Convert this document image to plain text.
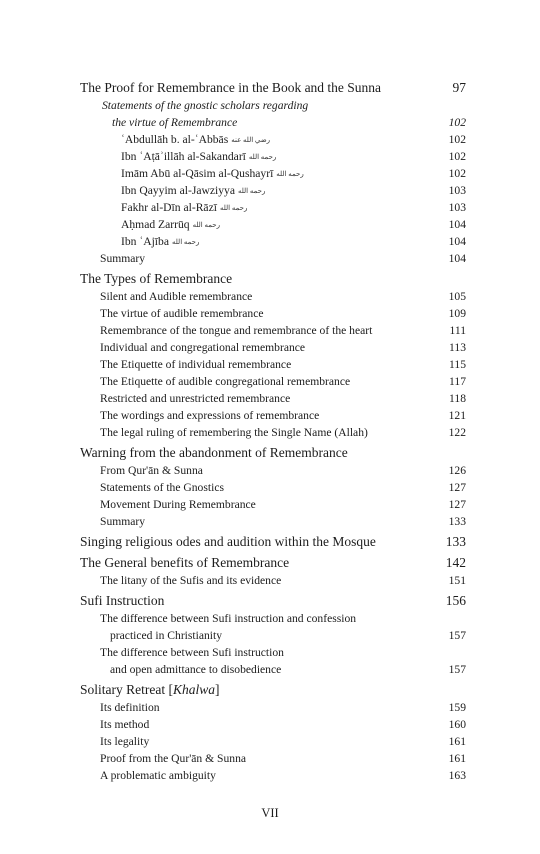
The Proof for Remembrance in the Book and the Sunna	97
Statements of the gnostic scholars regarding
the virtue of Remembrance	102
ʿAbdullāh b. al-ʿAbbās رضي الله عنه	102
Ibn ʿAṭāʾillāh al-Sakandarī رحمه الله	102
Imām Abū al-Qāsim al-Qushayrī رحمه الله	102
Ibn Qayyim al-Jawziyya رحمه الله	103
Fakhr al-Dīn al-Rāzī رحمه الله	103
Aḥmad Zarrūq رحمه الله	104
Ibn ʿAjība رحمه الله	104
Summary	104
The Types of Remembrance
Silent and Audible remembrance	105
The virtue of audible remembrance	109
Remembrance of the tongue and remembrance of the heart	111
Individual and congregational remembrance	113
The Etiquette of individual remembrance	115
The Etiquette of audible congregational remembrance	117
Restricted and unrestricted remembrance	118
The wordings and expressions of remembrance	121
The legal ruling of remembering the Single Name (Allah)	122
Warning from the abandonment of Remembrance
From Qur'ān & Sunna	126
Statements of the Gnostics	127
Movement During Remembrance	127
Summary	133
Singing religious odes and audition within the Mosque	133
The General benefits of Remembrance	142
The litany of the Sufis and its evidence	151
Sufi Instruction	156
The difference between Sufi instruction and confession
practiced in Christianity	157
The difference between Sufi instruction
and open admittance to disobedience	157
Solitary Retreat [Khalwa]
Its definition	159
Its method	160
Its legality	161
Proof from the Qur'ān & Sunna	161
A problematic ambiguity	163
VII
